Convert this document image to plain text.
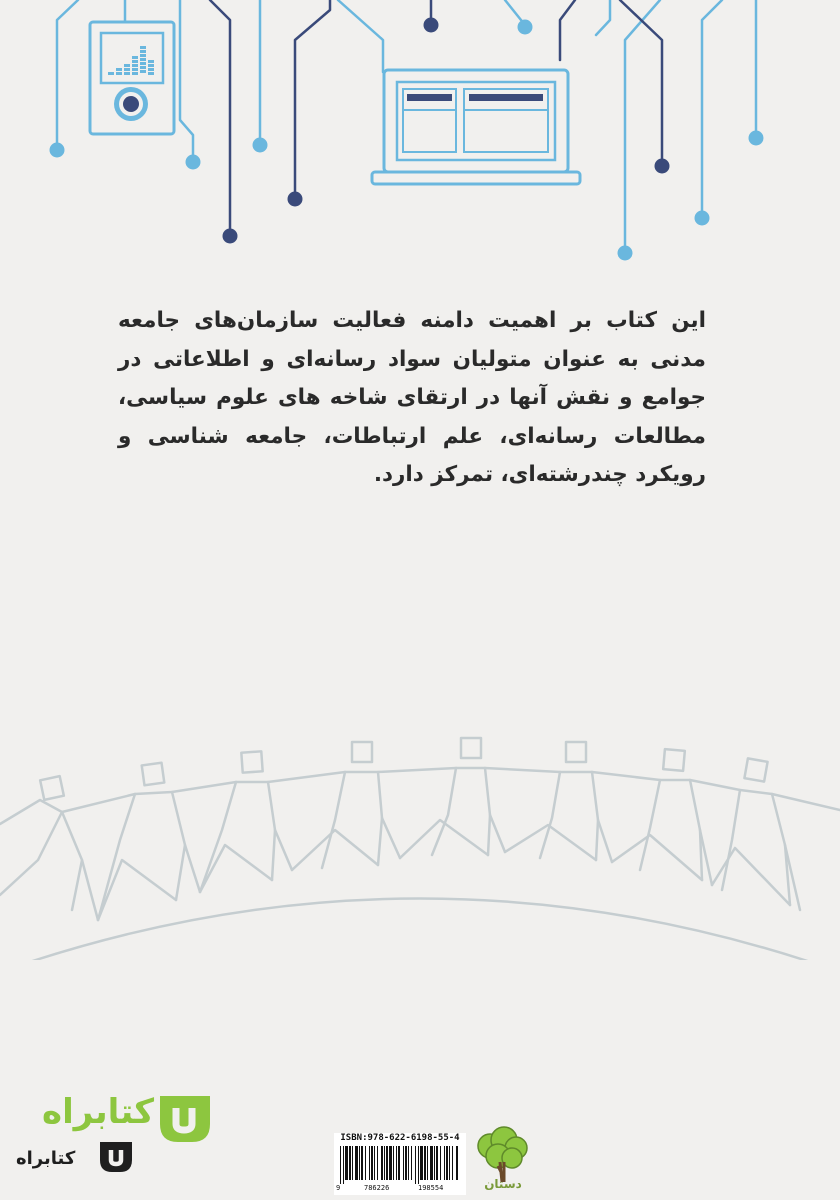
این کتاب بر اهمیت دامنه فعالیت سازمان‌های جامعه مدنی به عنوان متولیان سواد رسانه‌ای و اطلاعاتی در جوامع و نقش آنها در ارتقای شاخه های علوم سیاسی، مطالعات رسانه‌ای، علم ارتباطات، جامعه شناسی و رویکرد چندرشته‌ای، تمرکز دارد.
کتابراه
کتابراه
ISBN:978-622-6198-55-4
9	786226	198554	دستان
